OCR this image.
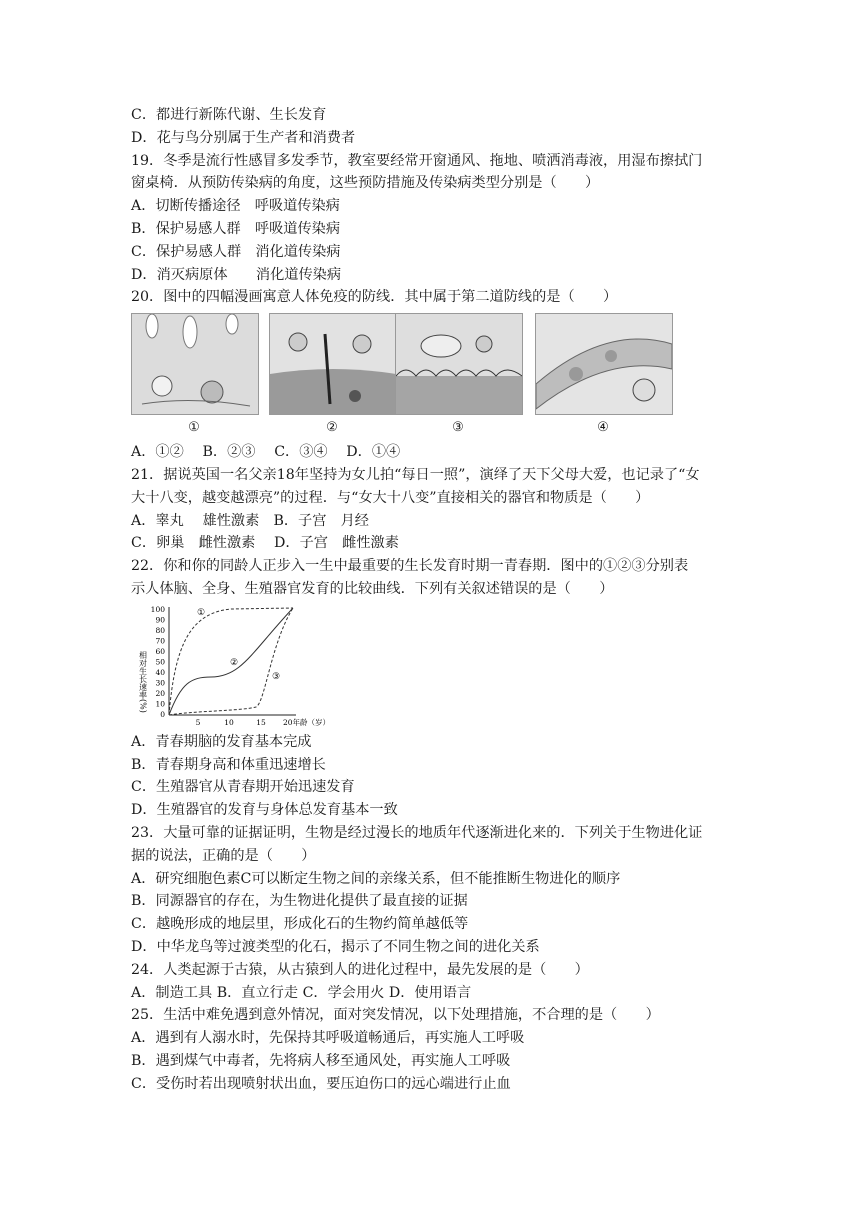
C．都进行新陈代谢、生长发育
D．花与鸟分别属于生产者和消费者
19．冬季是流行性感冒多发季节，教室要经常开窗通风、拖地、喷洒消毒液，用湿布擦拭门
窗桌椅．从预防传染病的角度，这些预防措施及传染病类型分别是（　　）
A．切断传播途径　呼吸道传染病
B．保护易感人群　呼吸道传染病
C．保护易感人群　消化道传染病
D．消灭病原体　　消化道传染病
20．图中的四幅漫画寓意人体免疫的防线．其中属于第二道防线的是（　　）
①	②	③	④
A．①②　 B．②③　 C．③④　 D．①④
21．据说英国一名父亲18年坚持为女儿拍“每日一照”，演绎了天下父母大爱，也记录了“女
大十八变，越变越漂亮”的过程．与“女大十八变”直接相关的器官和物质是（　　）
A．睾丸　 雄性激素　B．子宫　月经
C．卵巢　雌性激素　 D．子宫　雌性激素
22．你和你的同龄人正步入一生中最重要的生长发育时期一青春期．图中的①②③分别表
示人体脑、全身、生殖器官发育的比较曲线．下列有关叙述错误的是（　　）
相对生长速率(%)
100
90
80
70
60
50
40
30
20
10
0
5	10	15 20年龄（岁）
①
②
③
A．青春期脑的发育基本完成
B．青春期身高和体重迅速增长
C．生殖器官从青春期开始迅速发育
D．生殖器官的发育与身体总发育基本一致
23．大量可靠的证据证明，生物是经过漫长的地质年代逐渐进化来的．下列关于生物进化证
据的说法，正确的是（　　）
A．研究细胞色素C可以断定生物之间的亲缘关系，但不能推断生物进化的顺序
B．同源器官的存在，为生物进化提供了最直接的证据
C．越晚形成的地层里，形成化石的生物约简单越低等
D．中华龙鸟等过渡类型的化石，揭示了不同生物之间的进化关系
24．人类起源于古猿，从古猿到人的进化过程中，最先发展的是（　　）
A．制造工具 B．直立行走 C．学会用火 D．使用语言
25．生活中难免遇到意外情况，面对突发情况，以下处理措施，不合理的是（　　）
A．遇到有人溺水时，先保持其呼吸道畅通后，再实施人工呼吸
B．遇到煤气中毒者，先将病人移至通风处，再实施人工呼吸
C．受伤时若出现喷射状出血，要压迫伤口的远心端进行止血
